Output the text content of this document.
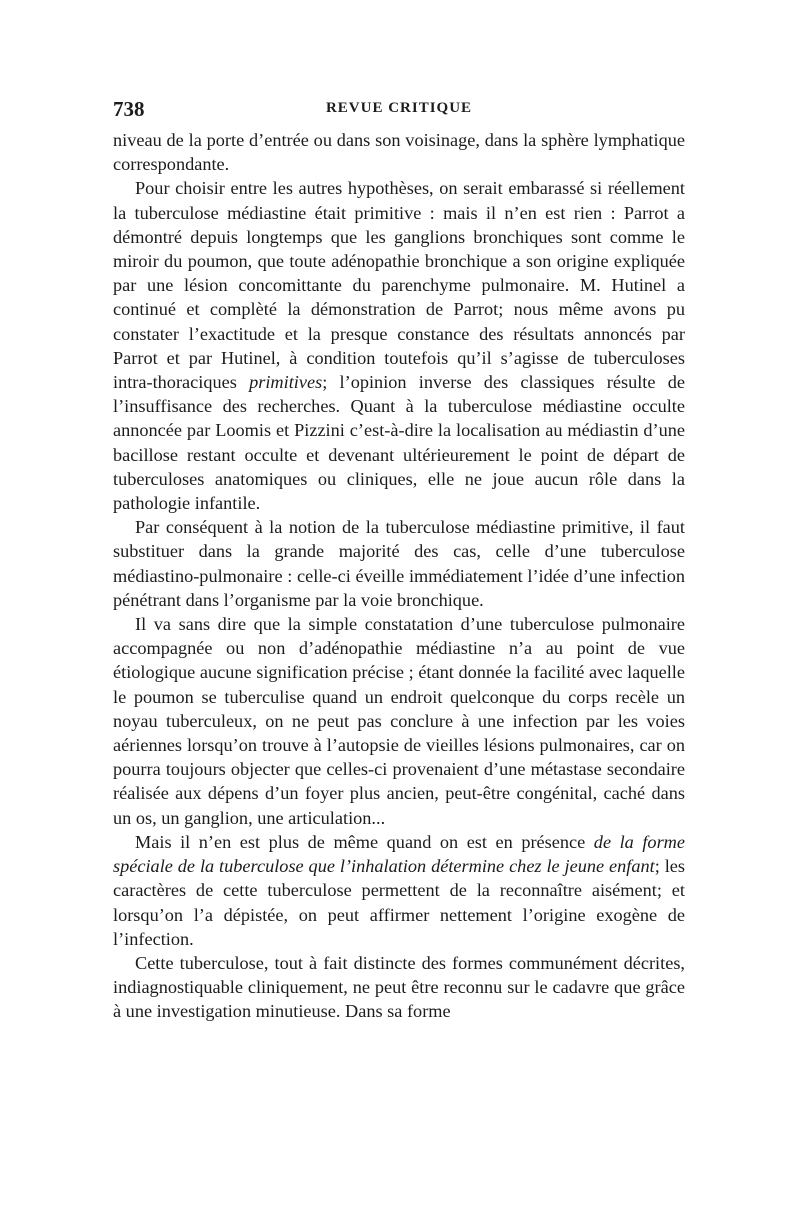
738	REVUE CRITIQUE

niveau de la porte d’entrée ou dans son voisinage, dans la sphère lymphatique correspondante.

Pour choisir entre les autres hypothèses, on serait embarassé si réellement la tuberculose médiastine était primitive : mais il n’en est rien : Parrot a démontré depuis longtemps que les ganglions bronchiques sont comme le miroir du poumon, que toute adénopathie bronchique a son origine expliquée par une lésion concomittante du parenchyme pulmonaire. M. Hutinel a continué et complèté la démonstration de Parrot; nous même avons pu constater l’exactitude et la presque constance des résultats annoncés par Parrot et par Hutinel, à condition toutefois qu’il s’agisse de tuberculoses intra-thoraciques primitives; l’opinion inverse des classiques résulte de l’insuffisance des recherches. Quant à la tuberculose médiastine occulte annoncée par Loomis et Pizzini c’est-à-dire la localisation au médiastin d’une bacillose restant occulte et devenant ultérieurement le point de départ de tuberculoses anatomiques ou cliniques, elle ne joue aucun rôle dans la pathologie infantile.

Par conséquent à la notion de la tuberculose médiastine primitive, il faut substituer dans la grande majorité des cas, celle d’une tuberculose médiastino-pulmonaire : celle-ci éveille immédiatement l’idée d’une infection pénétrant dans l’organisme par la voie bronchique.

Il va sans dire que la simple constatation d’une tuberculose pulmonaire accompagnée ou non d’adénopathie médiastine n’a au point de vue étiologique aucune signification précise ; étant donnée la facilité avec laquelle le poumon se tuberculise quand un endroit quelconque du corps recèle un noyau tuberculeux, on ne peut pas conclure à une infection par les voies aériennes lorsqu’on trouve à l’autopsie de vieilles lésions pulmonaires, car on pourra toujours objecter que celles-ci provenaient d’une métastase secondaire réalisée aux dépens d’un foyer plus ancien, peut-être congénital, caché dans un os, un ganglion, une articulation...

Mais il n’en est plus de même quand on est en présence de la forme spéciale de la tuberculose que l’inhalation détermine chez le jeune enfant; les caractères de cette tuberculose permettent de la reconnaître aisément; et lorsqu’on l’a dépistée, on peut affirmer nettement l’origine exogène de l’infection.

Cette tuberculose, tout à fait distincte des formes communément décrites, indiagnostiquable cliniquement, ne peut être reconnu sur le cadavre que grâce à une investigation minutieuse. Dans sa forme
